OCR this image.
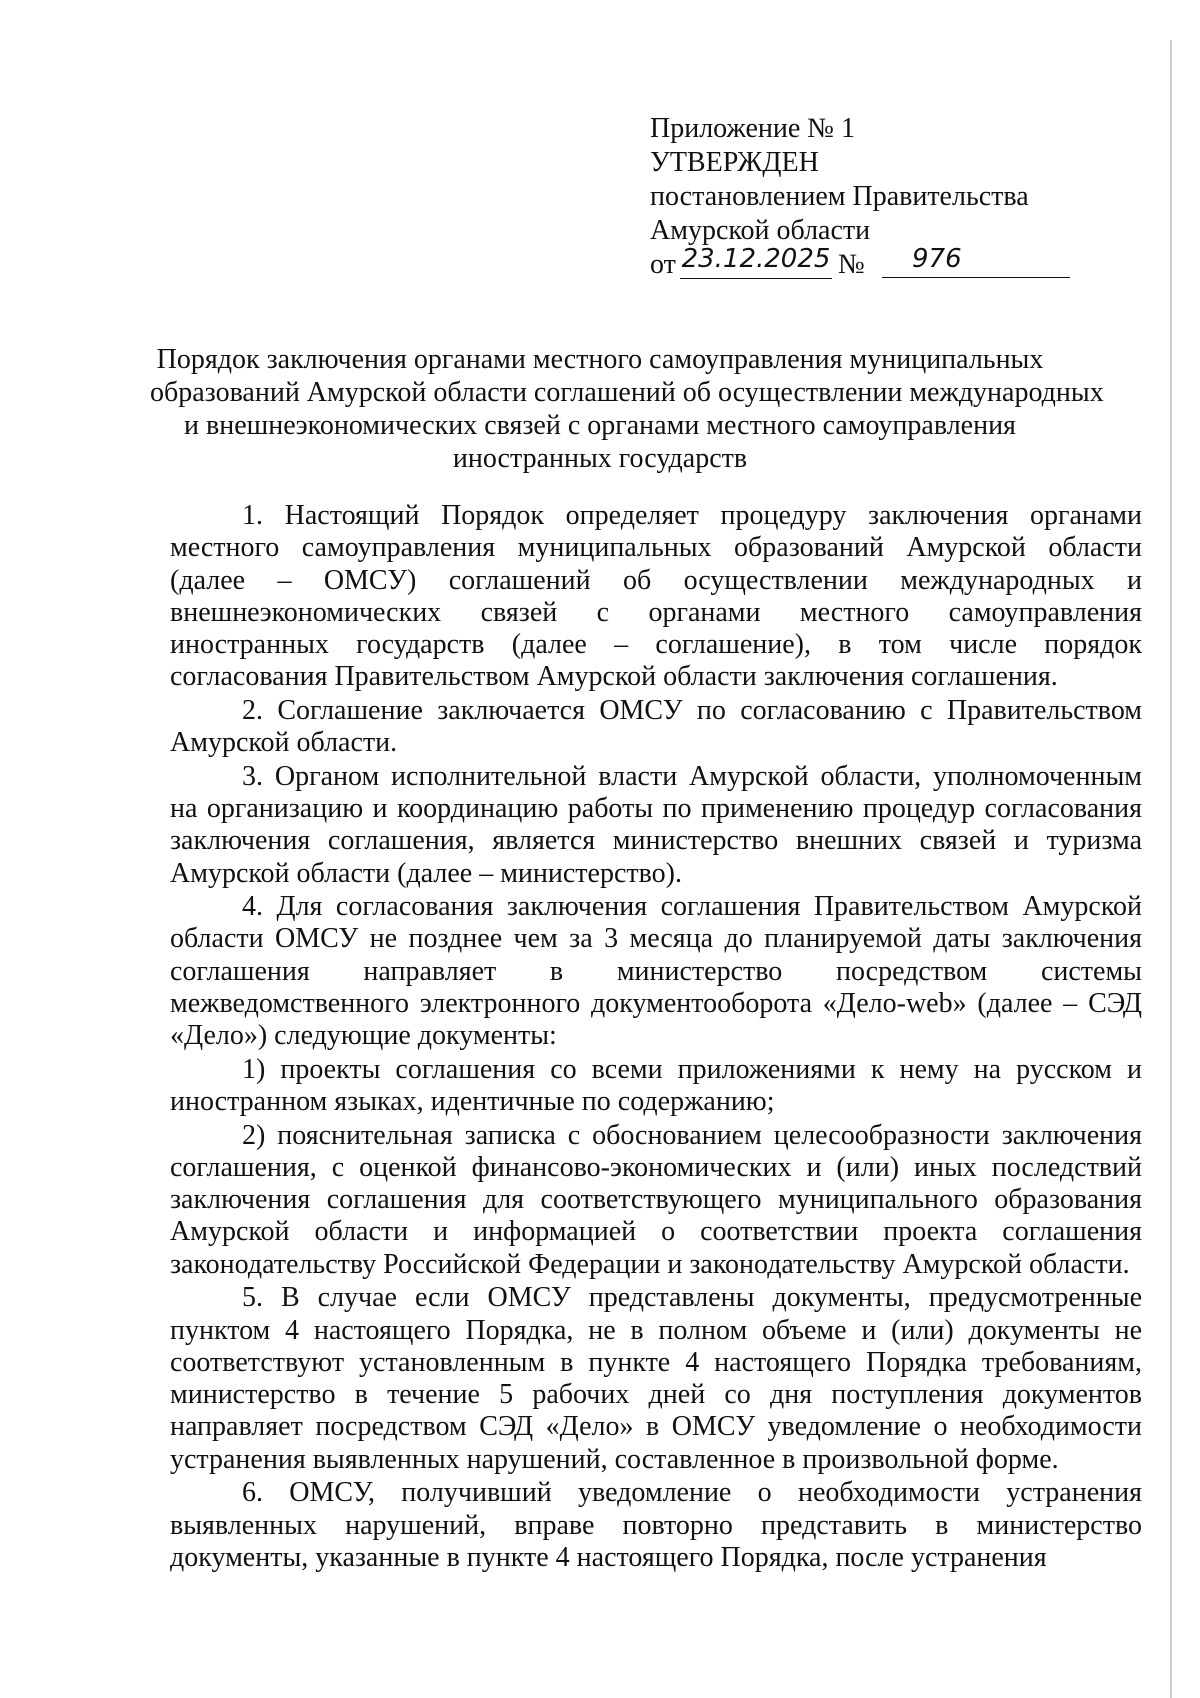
Приложение № 1
УТВЕРЖДЕН
постановлением Правительства
Амурской области
от 23.12.2025 №	976
Порядок заключения органами местного самоуправления муниципальных
образований Амурской области соглашений об осуществлении международных
и внешнеэкономических связей с органами местного самоуправления
иностранных государств

1. Настоящий Порядок определяет процедуру заключения органами местного самоуправления муниципальных образований Амурской области (далее – ОМСУ) соглашений об осуществлении международных и внешнеэкономических связей с органами местного самоуправления иностранных государств (далее – соглашение), в том числе порядок согласования Правительством Амурской области заключения соглашения.

2. Соглашение заключается ОМСУ по согласованию с Правительством Амурской области.

3. Органом исполнительной власти Амурской области, уполномоченным на организацию и координацию работы по применению процедур согласования заключения соглашения, является министерство внешних связей и туризма Амурской области (далее – министерство).

4. Для согласования заключения соглашения Правительством Амурской области ОМСУ не позднее чем за 3 месяца до планируемой даты заключения соглашения направляет в министерство посредством системы межведомственного электронного документооборота «Дело-web» (далее – СЭД «Дело») следующие документы:

1) проекты соглашения со всеми приложениями к нему на русском и иностранном языках, идентичные по содержанию;

2) пояснительная записка с обоснованием целесообразности заключения соглашения, с оценкой финансово-экономических и (или) иных последствий заключения соглашения для соответствующего муниципального образования Амурской области и информацией о соответствии проекта соглашения законодательству Российской Федерации и законодательству Амурской области.

5. В случае если ОМСУ представлены документы, предусмотренные пунктом 4 настоящего Порядка, не в полном объеме и (или) документы не соответствуют установленным в пункте 4 настоящего Порядка требованиям, министерство в течение 5 рабочих дней со дня поступления документов направляет посредством СЭД «Дело» в ОМСУ уведомление о необходимости устранения выявленных нарушений, составленное в произвольной форме.

6. ОМСУ, получивший уведомление о необходимости устранения выявленных нарушений, вправе повторно представить в министерство документы, указанные в пункте 4 настоящего Порядка, после устранения
